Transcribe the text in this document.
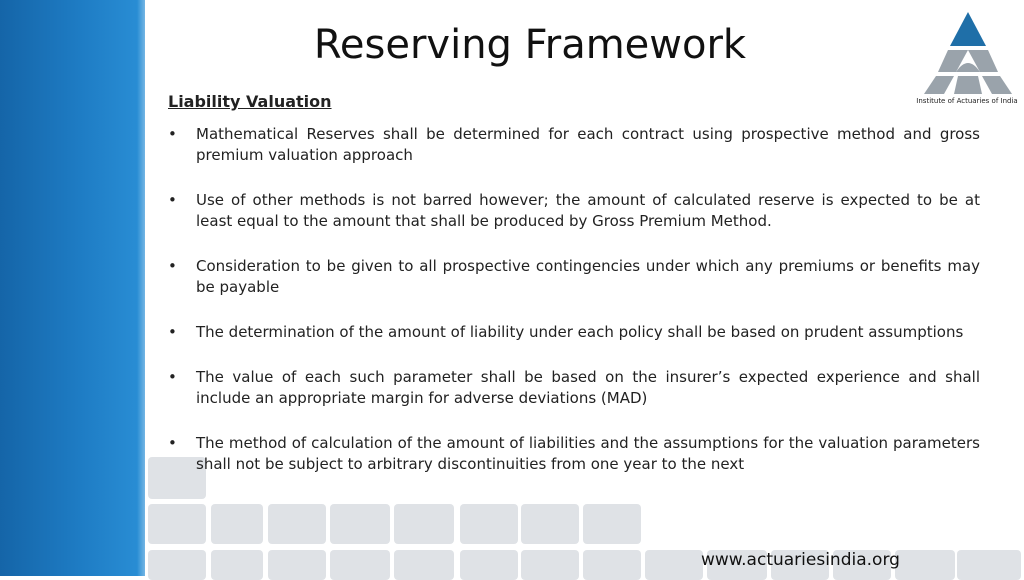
Reserving Framework
Institute of Actuaries of India
Liability Valuation
• Mathematical Reserves shall be determined for each contract using prospective method and gross premium valuation approach
• Use of other methods is not barred however; the amount of calculated reserve is expected to be at least equal to the amount that shall be produced by Gross Premium Method.
• Consideration to be given to all prospective contingencies under which any premiums or benefits may be payable
• The determination of the amount of liability under each policy shall be based on prudent assumptions
• The value of each such parameter shall be based on the insurer’s expected experience and shall include an appropriate margin for adverse deviations (MAD)
• The method of calculation of the amount of liabilities and the assumptions for the valuation parameters shall not be subject to arbitrary discontinuities from one year to the next
www.actuariesindia.org
